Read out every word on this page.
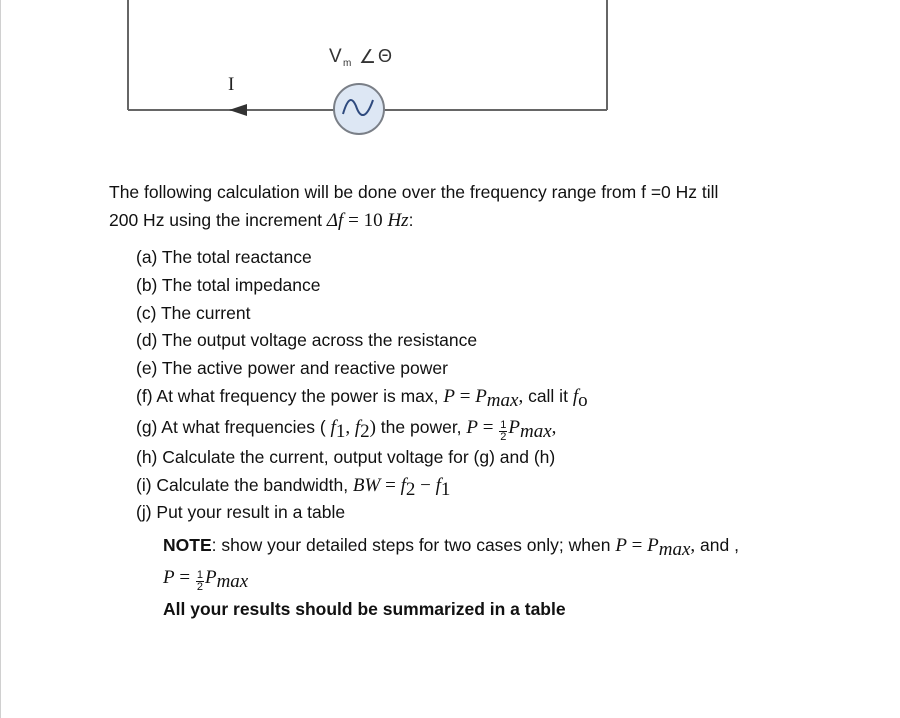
I
V m ∠ Θ
The following calculation will be done over the frequency range from f =0 Hz till
200 Hz using the increment Δf = 10 Hz:
(a) The total reactance
(b) The total impedance
(c) The current
(d) The output voltage across the resistance
(e) The active power and reactive power
(f) At what frequency the power is max, $P = P_{max}$, call it $f_o$
(g) At what frequencies ( $f_1$, $f_2$) the power, $P = \frac{1}{2} P_{max}$,
(h) Calculate the current, output voltage for (g) and (h)
(i) Calculate the bandwidth, BW = $f_2 - f_1$
(j) Put your result in a table
NOTE: show your detailed steps for two cases only; when $P = P_{max}$, and ,
$P = \frac{1}{2} P_{max}$
All your results should be summarized in a table
